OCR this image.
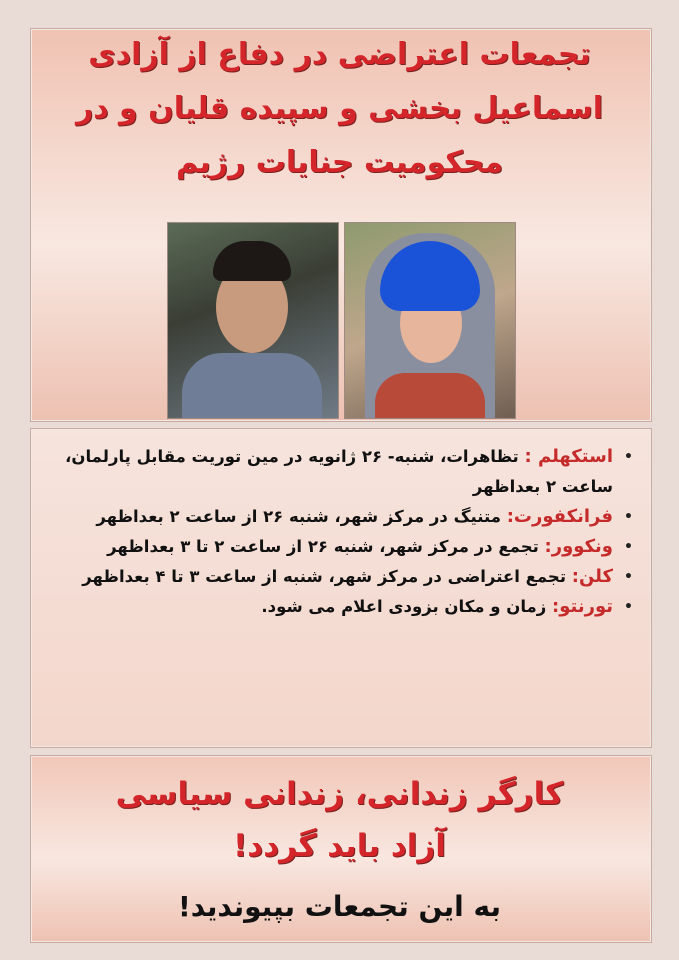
تجمعات اعتراضی در دفاع از آزادی اسماعیل بخشی و سپیده قلیان و در محکومیت جنایات رژیم
•
استکهلم : تظاهرات، شنبه- ۲۶ ژانویه در مین توریت مقابل پارلمان، ساعت ۲ بعداظهر
•
فرانکفورت: متنیگ در مرکز شهر، شنبه ۲۶ از ساعت ۲ بعداظهر
•
ونکوور: تجمع در مرکز شهر، شنبه ۲۶ از ساعت ۲ تا ۳ بعداظهر
•
کلن: تجمع اعتراضی در مرکز شهر، شنبه از ساعت ۳ تا ۴ بعداظهر
•
تورنتو: زمان و مکان بزودی اعلام می شود.
کارگر زندانی، زندانی سیاسی
آزاد باید گردد!
به این تجمعات بپیوندید!
